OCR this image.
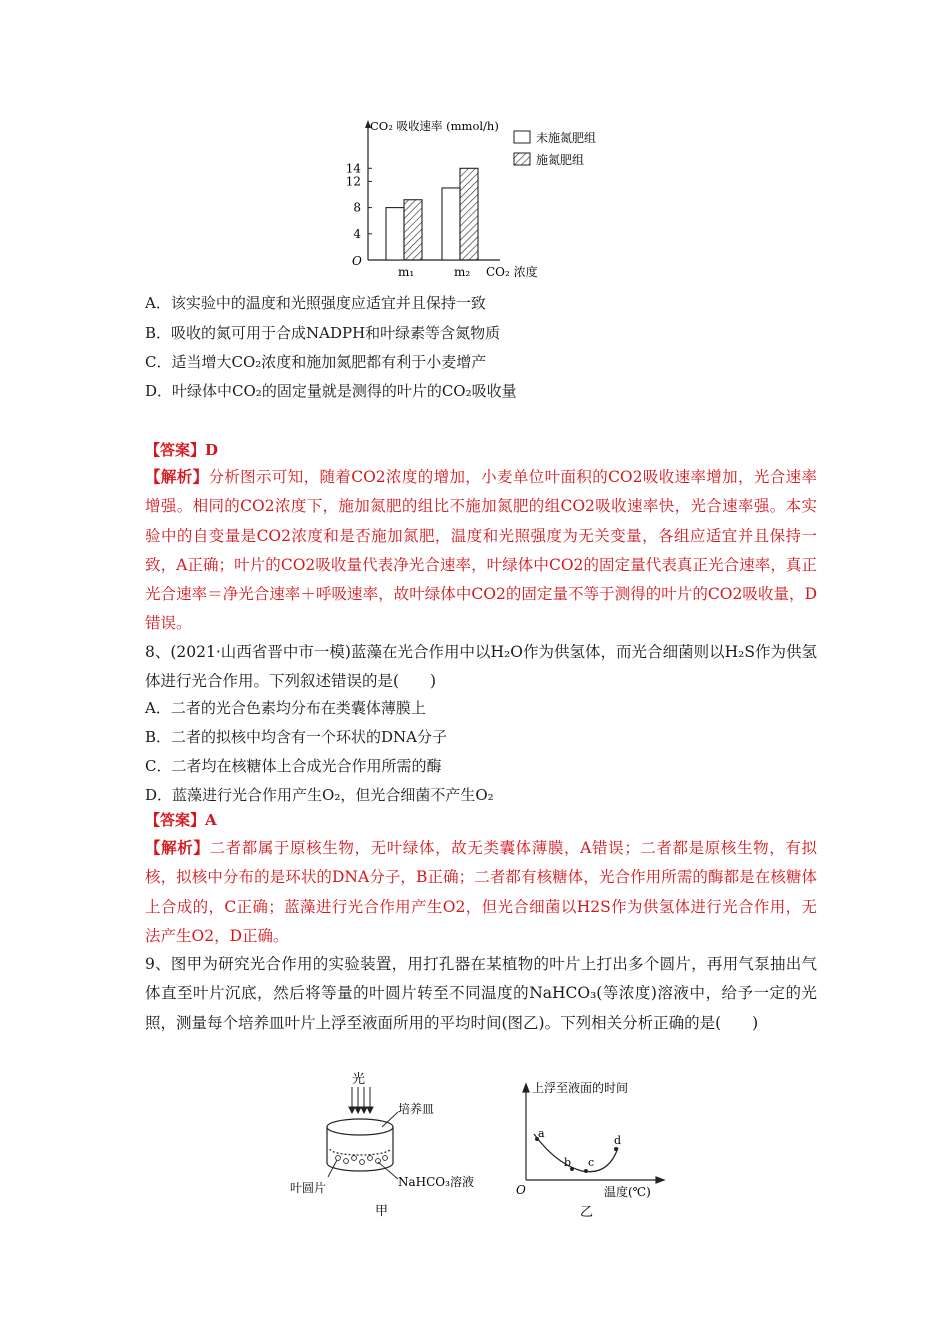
O
CO₂ 吸收速率 (mmol/h)
CO₂ 浓度
4
8
12
14
m₁	m₂
未施氮肥组
施氮肥组
A．该实验中的温度和光照强度应适宜并且保持一致
B．吸收的氮可用于合成NADPH和叶绿素等含氮物质
C．适当增大CO₂浓度和施加氮肥都有利于小麦增产
D．叶绿体中CO₂的固定量就是测得的叶片的CO₂吸收量
【答案】D
【解析】分析图示可知，随着CO2浓度的增加，小麦单位叶面积的CO2吸收速率增加，光合速率增强。相同的CO2浓度下，施加氮肥的组比不施加氮肥的组CO2吸收速率快，光合速率强。本实验中的自变量是CO2浓度和是否施加氮肥，温度和光照强度为无关变量，各组应适宜并且保持一致，A正确；叶片的CO2吸收量代表净光合速率，叶绿体中CO2的固定量代表真正光合速率，真正光合速率＝净光合速率＋呼吸速率，故叶绿体中CO2的固定量不等于测得的叶片的CO2吸收量，D错误。
8、(2021·山西省晋中市一模)蓝藻在光合作用中以H₂O作为供氢体，而光合细菌则以H₂S作为供氢体进行光合作用。下列叙述错误的是(　　)
A．二者的光合色素均分布在类囊体薄膜上
B．二者的拟核中均含有一个环状的DNA分子
C．二者均在核糖体上合成光合作用所需的酶
D．蓝藻进行光合作用产生O₂，但光合细菌不产生O₂
【答案】A
【解析】二者都属于原核生物，无叶绿体，故无类囊体薄膜，A错误；二者都是原核生物，有拟核，拟核中分布的是环状的DNA分子，B正确；二者都有核糖体，光合作用所需的酶都是在核糖体上合成的，C正确；蓝藻进行光合作用产生O2，但光合细菌以H2S作为供氢体进行光合作用，无法产生O2，D正确。
9、图甲为研究光合作用的实验装置，用打孔器在某植物的叶片上打出多个圆片，再用气泵抽出气体直至叶片沉底，然后将等量的叶圆片转至不同温度的NaHCO₃(等浓度)溶液中，给予一定的光照，测量每个培养皿叶片上浮至液面所用的平均时间(图乙)。下列相关分析正确的是(　　)
光
培养皿
叶圆片	NaHCO₃溶液
甲
上浮至液面的时间
O	温度(℃)
a
b c
d
乙
